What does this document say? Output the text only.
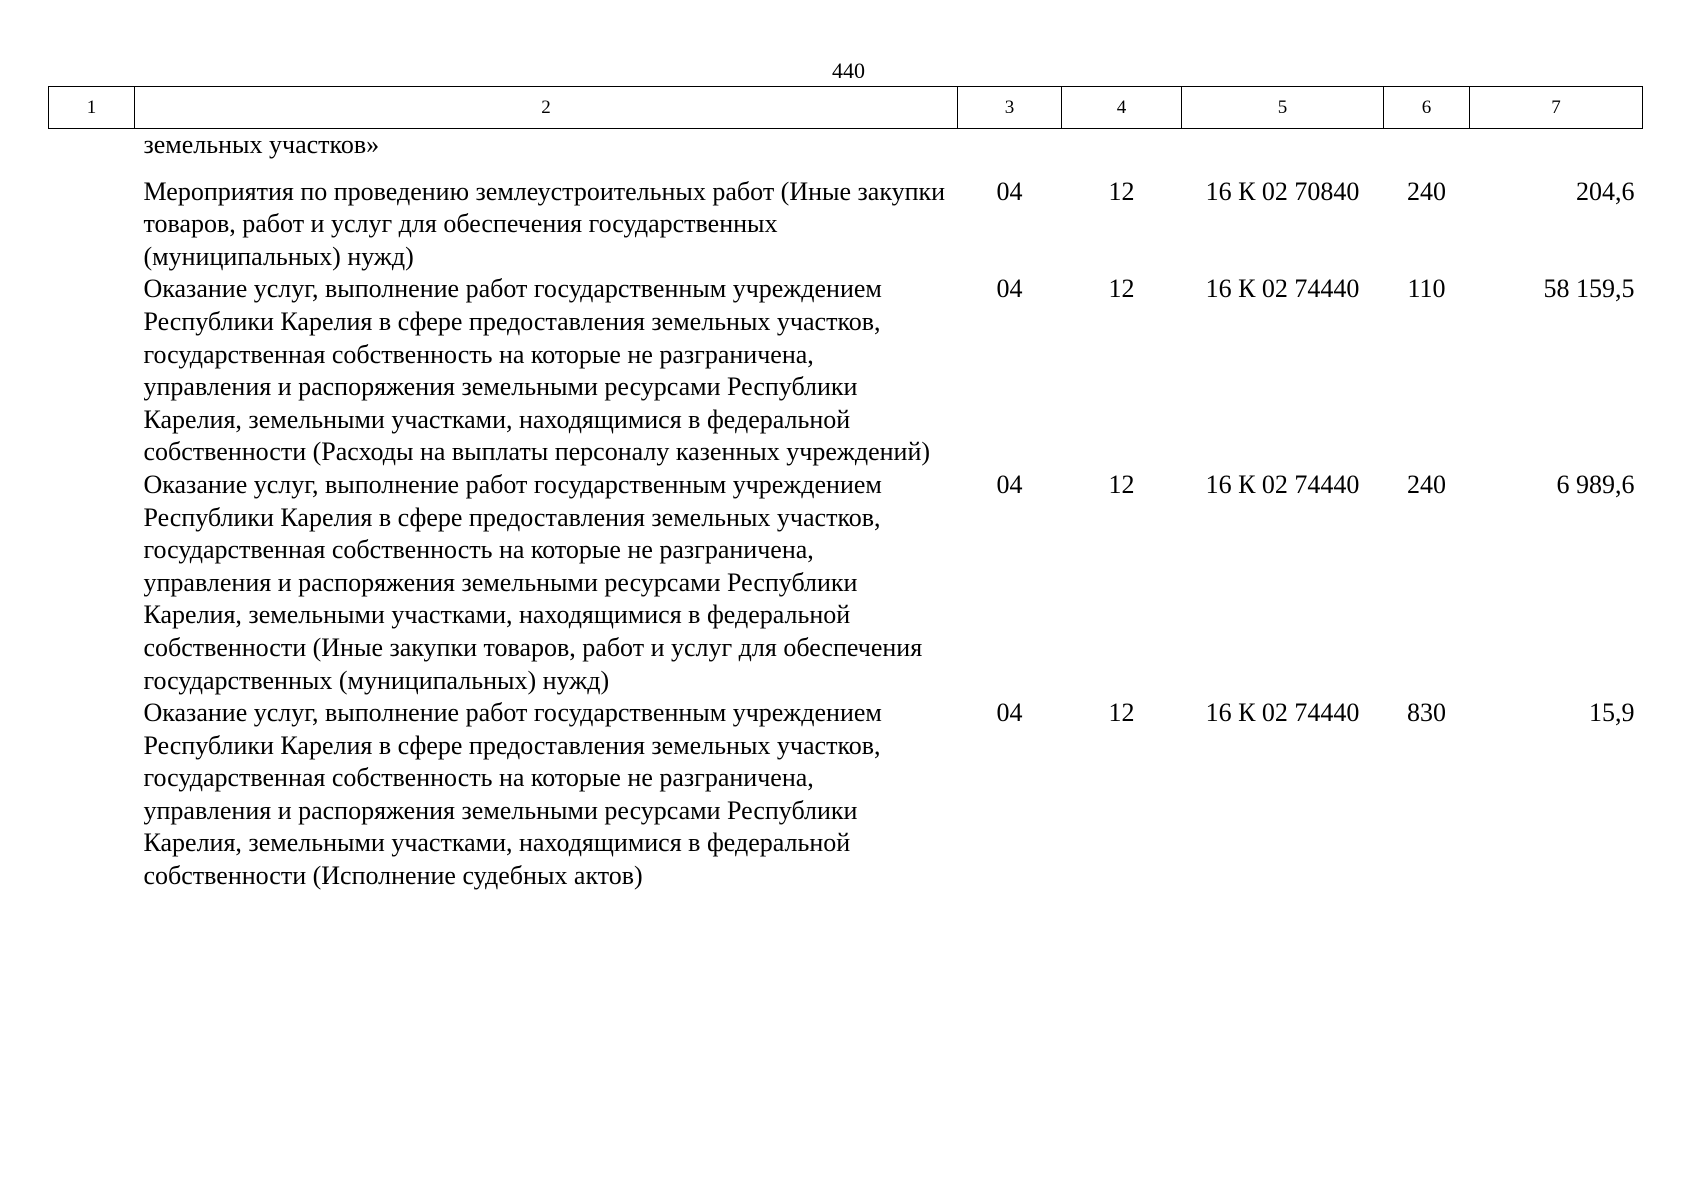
440
1	2	3	4	5	6	7
	земельных участков»					
	Мероприятия по проведению землеустроительных работ (Иные закупки товаров, работ и услуг для обеспечения государственных (муниципальных) нужд)	04	12	16 К 02 70840	240	204,6
	Оказание услуг, выполнение работ государственным учреждением Республики Карелия в сфере предоставления земельных участков, государственная собственность на которые не разграничена, управления и распоряжения земельными ресурсами Республики Карелия, земельными участками, находящимися в федеральной собственности (Расходы на выплаты персоналу казенных учреждений)	04	12	16 К 02 74440	110	58 159,5
	Оказание услуг, выполнение работ государственным учреждением Республики Карелия в сфере предоставления земельных участков, государственная собственность на которые не разграничена, управления и распоряжения земельными ресурсами Республики Карелия, земельными участками, находящимися в федеральной собственности (Иные закупки товаров, работ и услуг для обеспечения государственных (муниципальных) нужд)	04	12	16 К 02 74440	240	6 989,6
	Оказание услуг, выполнение работ государственным учреждением Республики Карелия в сфере предоставления земельных участков, государственная собственность на которые не разграничена, управления и распоряжения земельными ресурсами Республики Карелия, земельными участками, находящимися в федеральной собственности (Исполнение судебных актов)	04	12	16 К 02 74440	830	15,9
